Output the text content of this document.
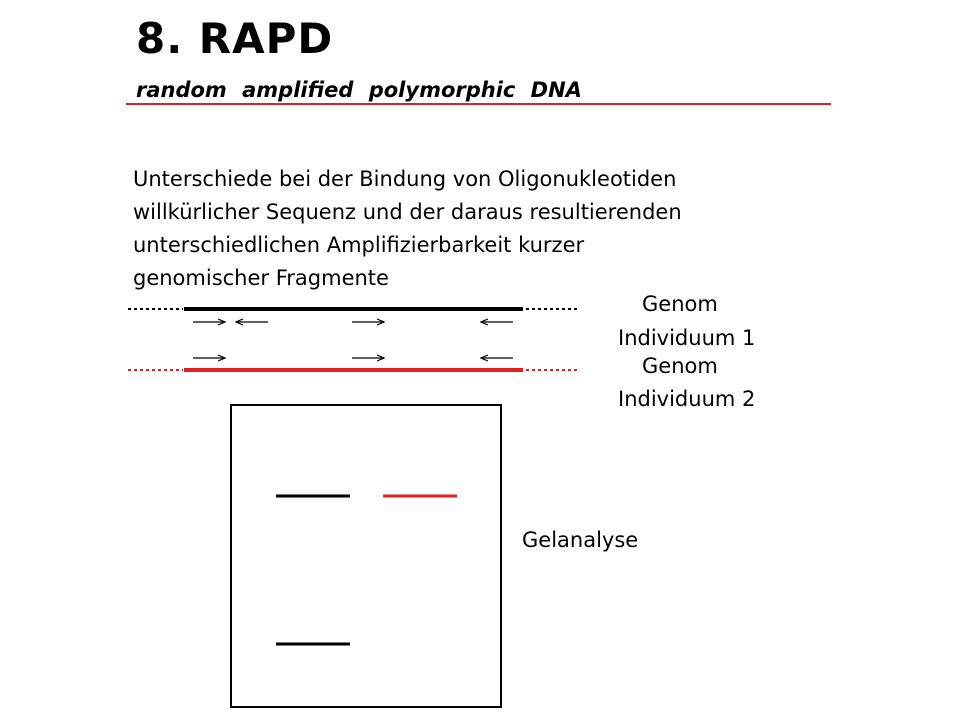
8. RAPD
random amplified polymorphic DNA
Unterschiede bei der Bindung von Oligonukleotiden
willkürlicher Sequenz und der daraus resultierenden
unterschiedlichen Amplifizierbarkeit kurzer
genomischer Fragmente
Genom
Individuum 1
Genom
Individuum 2
Gelanalyse
